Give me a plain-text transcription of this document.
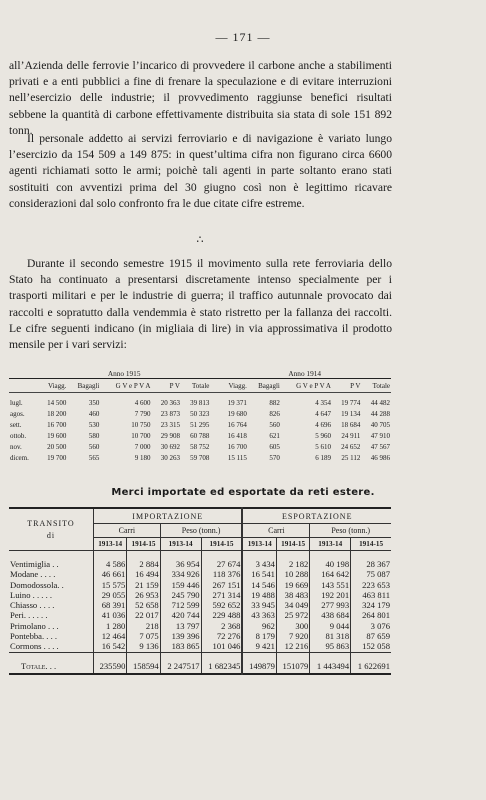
— 171 —

all’Azienda delle ferrovie l’incarico di provvedere il carbone anche a stabilimenti privati e a enti pubblici a fine di frenare la speculazione e di evitare interruzioni nell’esercizio delle industrie; il provvedimento raggiunse benefici risultati sebbene la quantità di carbone effettivamente distribuita sia stata di sole 151 892 tonn.

Il personale addetto ai servizi ferroviario e di navigazione è variato lungo l’esercizio da 154 509 a 149 875: in quest’ultima cifra non figurano circa 6600 agenti richiamati sotto le armi; poichè tali agenti in parte soltanto erano stati sostituiti con avventizi prima del 30 giugno così non è legittimo ricavare considerazioni dal solo confronto fra le due citate cifre estreme.

∴

Durante il secondo semestre 1915 il movimento sulla rete ferroviaria dello Stato ha continuato a presentarsi discretamente intenso specialmente per i trasporti militari e per le industrie di guerra; il traffico autunnale provocato dai raccolti e sopratutto dalla vendemmia è stato ristretto per la fallanza dei raccolti. Le cifre seguenti indicano (in migliaia di lire) in via approssimativa il prodotto mensile per i vari servizi:

	Anno 1915						Anno 1914				
	Viagg.	Bagagli	G V e P V A	P V	Totale		Viagg.	Bagagli	G V e P V A	P V	Totale
lugl.	14 500	350	4 600	20 363	39 813		19 371	882	4 354	19 774	44 482
agos.	18 200	460	7 790	23 873	50 323		19 680	826	4 647	19 134	44 288
sett.	16 700	530	10 750	23 315	51 295		16 764	560	4 696	18 684	40 705
ottob.	19 600	580	10 700	29 908	60 788		16 418	621	5 960	24 911	47 910
nov.	20 500	560	7 000	30 692	58 752		16 700	605	5 610	24 652	47 567
dicem.	19 700	565	9 180	30 263	59 708		15 115	570	6 189	25 112	46 986
Merci importate ed esportate da reti estere.
TRANSITO
di	IMPORTAZIONE				ESPORTAZIONE			
	Carri		Peso (tonn.)		Carri		Peso (tonn.)	
	1913-14	1914-15	1913-14	1914-15	1913-14	1914-15	1913-14	1914-15
Ventimiglia . .	4 586	2 884	36 954	27 674	3 434	2 182	40 198	28 367
Modane . . . .	46 661	16 494	334 926	118 376	16 541	10 288	164 642	75 087
Domodossola. .	15 575	21 159	159 446	267 151	14 546	19 669	143 551	223 653
Luino . . . . .	29 055	26 953	245 790	271 314	19 488	38 483	192 201	463 811
Chiasso . . . .	68 391	52 658	712 599	592 652	33 945	34 049	277 993	324 179
Peri. . . . . .	41 036	22 017	420 744	229 488	43 363	25 972	438 684	264 801
Primolano . . .	1 280	218	13 797	2 368	962	300	9 044	3 076
Pontebba. . . .	12 464	7 075	139 396	72 276	8 179	7 920	81 318	87 659
Cormons . . . .	16 542	9 136	183 865	101 046	9 421	12 216	95 863	152 058
Totale. . .	235590	158594	2 247517	1 682345	149879	151079	1 443494	1 622691
